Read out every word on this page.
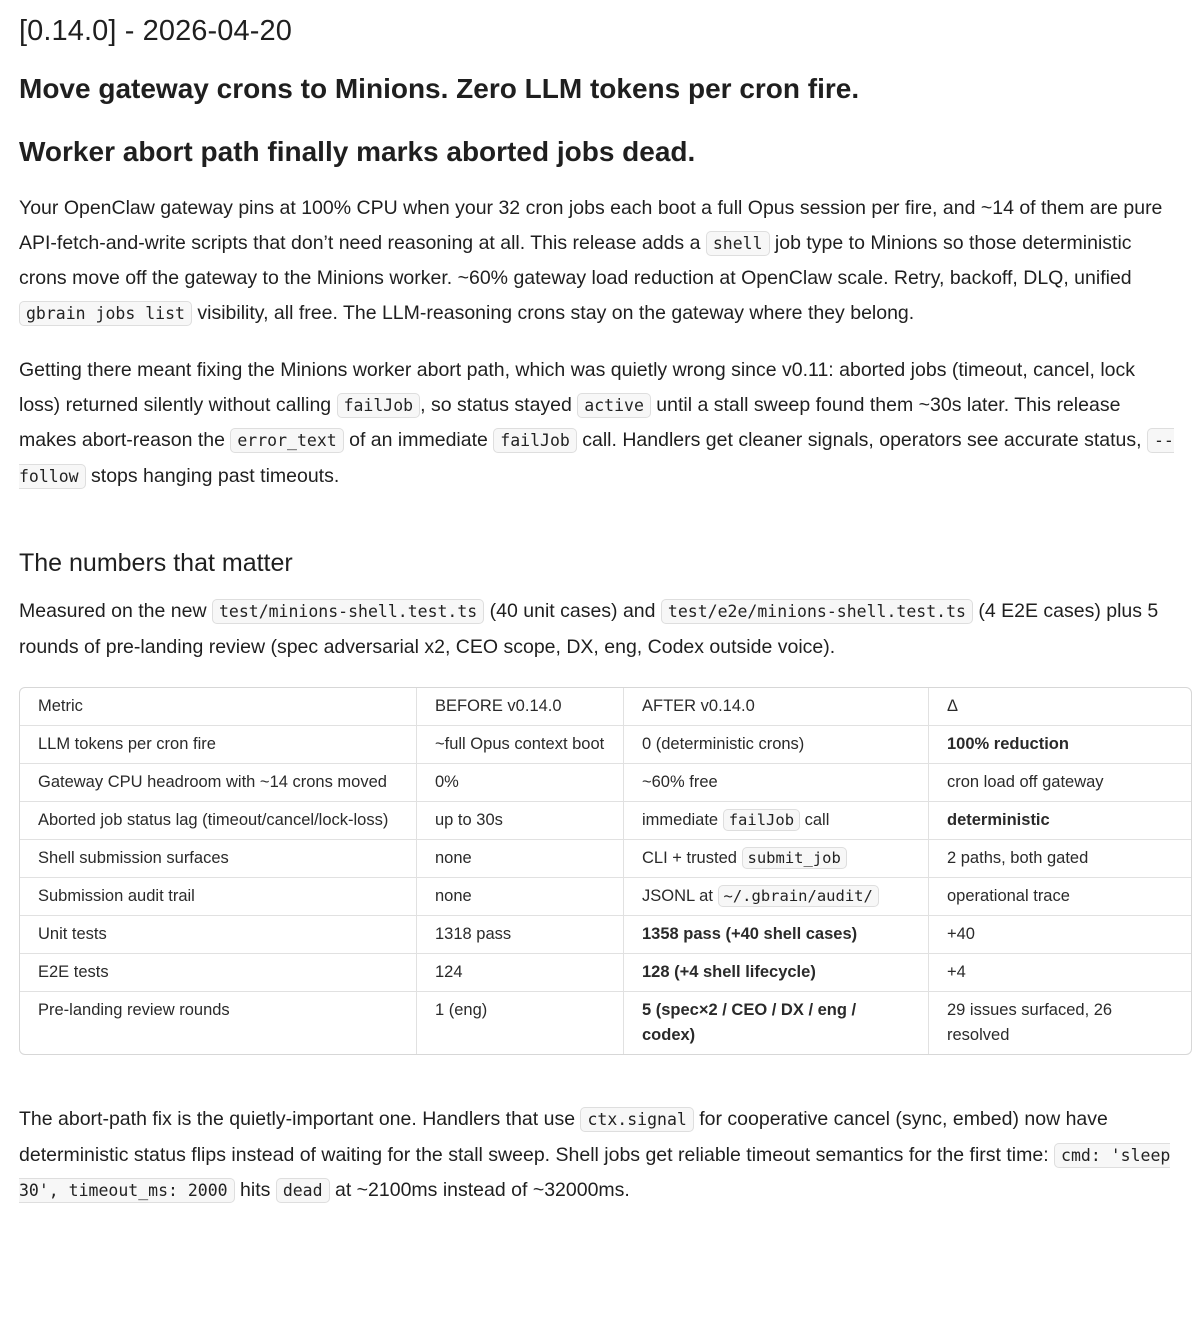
[0.14.0] - 2026-04-20
Move gateway crons to Minions. Zero LLM tokens per cron fire.
Worker abort path finally marks aborted jobs dead.

Your OpenClaw gateway pins at 100% CPU when your 32 cron jobs each boot a full Opus session per fire, and ~14 of them are pure API-fetch-and-write scripts that don’t need reasoning at all. This release adds a shell job type to Minions so those deterministic crons move off the gateway to the Minions worker. ~60% gateway load reduction at OpenClaw scale. Retry, backoff, DLQ, unified gbrain jobs list visibility, all free. The LLM-reasoning crons stay on the gateway where they belong.

Getting there meant fixing the Minions worker abort path, which was quietly wrong since v0.11: aborted jobs (timeout, cancel, lock loss) returned silently without calling failJob , so status stayed active until a stall sweep found them ~30s later. This release makes abort-reason the error_text of an immediate failJob call. Handlers get cleaner signals, operators see accurate status, --follow stops hanging past timeouts.

The numbers that matter

Measured on the new test/minions-shell.test.ts (40 unit cases) and test/e2e/minions-shell.test.ts (4 E2E cases) plus 5 rounds of pre-landing review (spec adversarial x2, CEO scope, DX, eng, Codex outside voice).

Metric	BEFORE v0.14.0	AFTER v0.14.0	Δ
LLM tokens per cron fire	~full Opus context boot	0 (deterministic crons)	100% reduction
Gateway CPU headroom with ~14 crons moved	0%	~60% free	cron load off gateway
Aborted job status lag (timeout/cancel/lock-loss)	up to 30s	immediate failJob call	deterministic
Shell submission surfaces	none	CLI + trusted submit_job	2 paths, both gated
Submission audit trail	none	JSONL at ~/.gbrain/audit/	operational trace
Unit tests	1318 pass	1358 pass (+40 shell cases)	+40
E2E tests	124	128 (+4 shell lifecycle)	+4
Pre-landing review rounds	1 (eng)	5 (spec×2 / CEO / DX / eng / codex)	29 issues surfaced, 26 resolved

The abort-path fix is the quietly-important one. Handlers that use ctx.signal for cooperative cancel (sync, embed) now have deterministic status flips instead of waiting for the stall sweep. Shell jobs get reliable timeout semantics for the first time: cmd: 'sleep 30', timeout_ms: 2000 hits dead at ~2100ms instead of ~32000ms.
